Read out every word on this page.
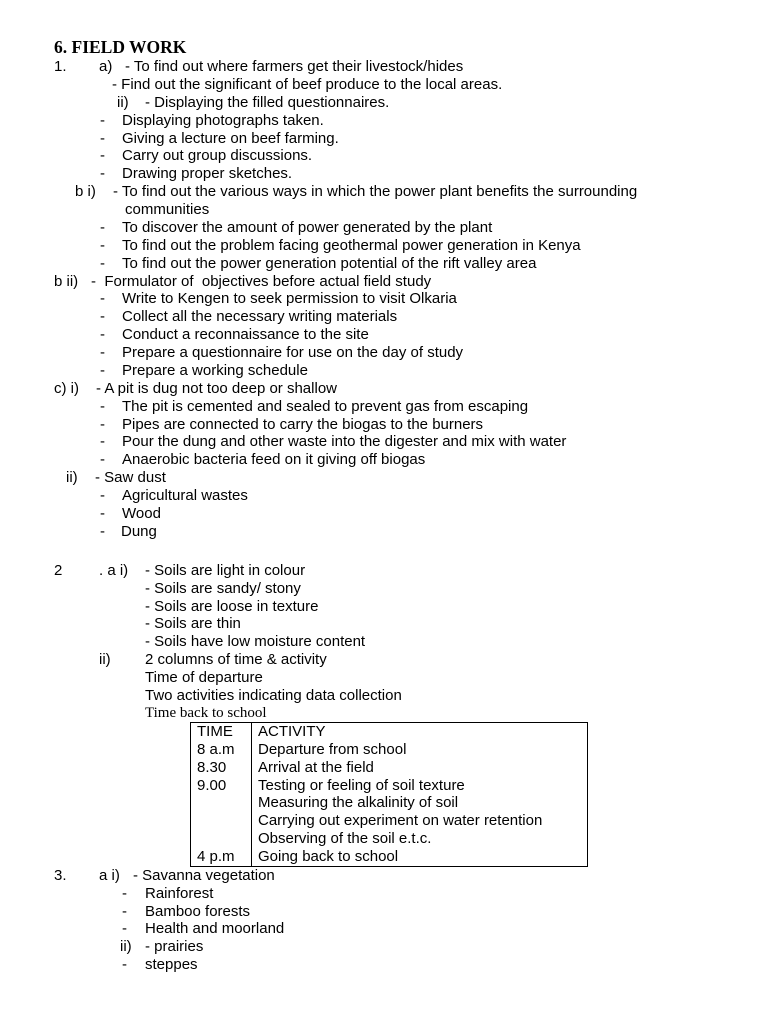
6. FIELD WORK
1. a) - To find out where farmers get their livestock/hides
- Find out the significant of beef produce to the local areas.
ii) - Displaying the filled questionnaires.
- Displaying photographs taken.
- Giving a lecture on beef farming.
- Carry out group discussions.
- Drawing proper sketches.
b i) - To find out the various ways in which the power plant benefits the surrounding
communities
- To discover the amount of power generated by the plant
- To find out the problem facing geothermal power generation in Kenya
- To find out the power generation potential of the rift valley area
b ii) -  Formulator of  objectives before actual field study
- Write to Kengen to seek permission to visit Olkaria
- Collect all the necessary writing materials
- Conduct a reconnaissance to the site
- Prepare a questionnaire for use on the day of study
- Prepare a working schedule
c) i) - A pit is dug not too deep or shallow
- The pit is cemented and sealed to prevent gas from escaping
- Pipes are connected to carry the biogas to the burners
- Pour the dung and other waste into the digester and mix with water
- Anaerobic bacteria feed on it giving off biogas
ii) - Saw dust
- Agricultural wastes
- Wood
- Dung
2 . a i) - Soils are light in colour
- Soils are sandy/ stony
- Soils are loose in texture
- Soils are thin
- Soils have low moisture content
ii) 2 columns of time & activity
Time of departure
Two activities indicating data collection
Time back to school
TIME ACTIVITY
8 a.m Departure from school
8.30 Arrival at the field
9.00 Testing or feeling of soil texture
Measuring the alkalinity of soil
Carrying out experiment on water retention
Observing of the soil e.t.c.
4 p.m Going back to school
3. a i) - Savanna vegetation
- Rainforest
- Bamboo forests
- Health and moorland
ii) - prairies
- steppes
